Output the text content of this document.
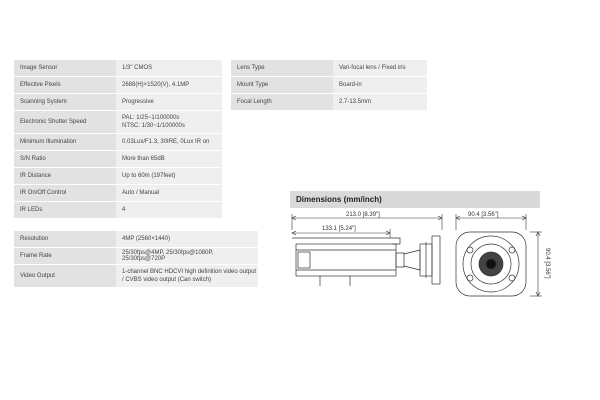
Image Sensor	1/3" CMOS
Effective Pixels	2688(H)×1520(V), 4.1MP
Scanning System	Progressive
Electronic Shutter Speed	PAL: 1/25~1/100000s
NTSC: 1/30~1/100000s
Minimum Illumination	0.03Lux/F1.3, 30IRE, 0Lux IR on
S/N Ratio	More than 65dB
IR Distance	Up to 60m (197feet)
IR On/Off Control	Auto / Manual
IR LEDs	4
Lens Type	Vari-focal lens / Fixed iris
Mount Type	Board-in
Focal Length	2.7-13.5mm
Resolution	4MP (2560×1440)
Frame Rate	25/30fps@4MP, 25/30fps@1080P, 25/30fps@720P
Video Output	1-channel BNC HDCVI high definition video output / CVBS video output (Can switch)
Dimensions (mm/inch)
213.0 [8.39"]
133.1 [5.24"]
90.4 [3.56"]
90.4 [3.56"]
